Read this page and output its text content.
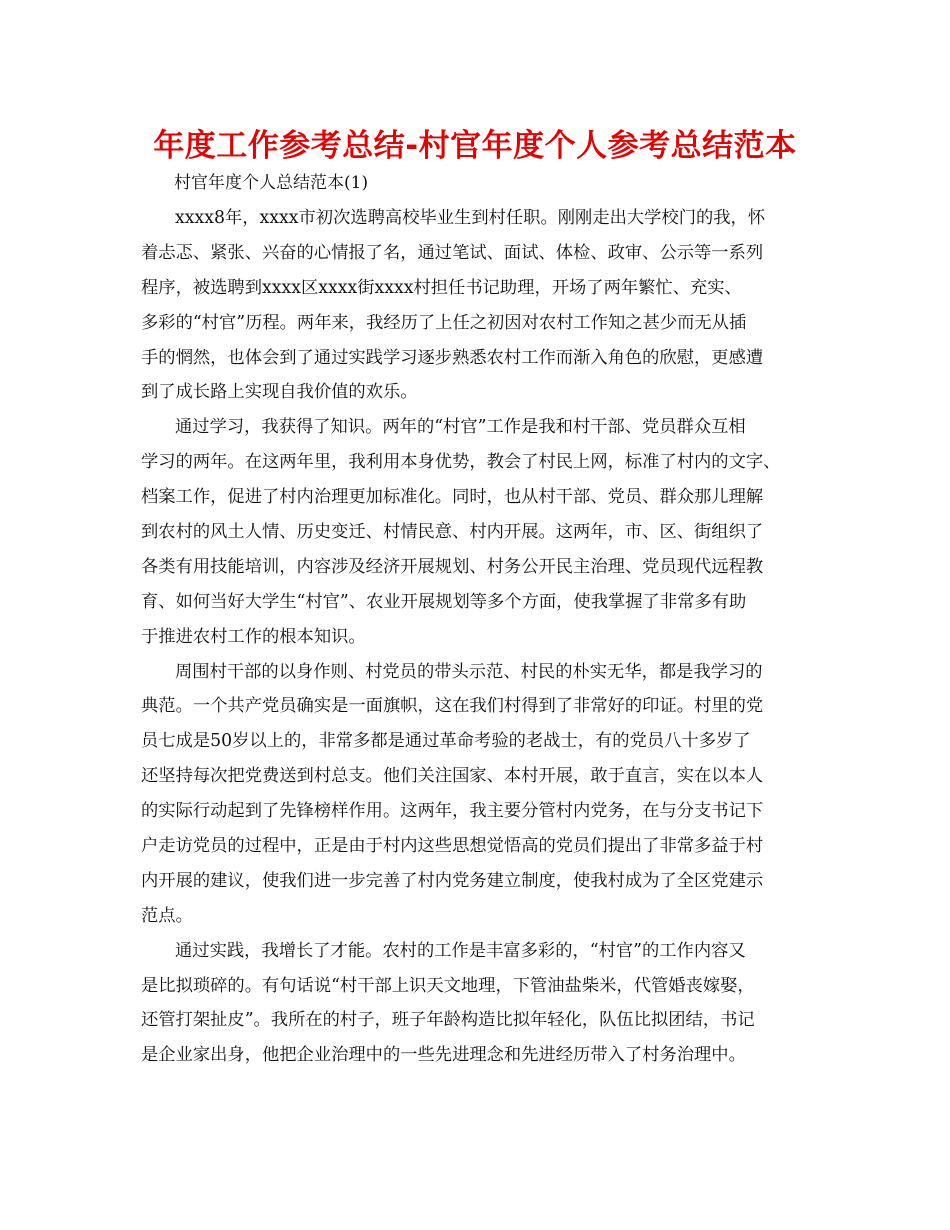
年度工作参考总结-村官年度个人参考总结范本

村官年度个人总结范本(1)

xxxx8年，xxxx市初次选聘高校毕业生到村任职。刚刚走出大学校门的我，怀
着忐忑、紧张、兴奋的心情报了名，通过笔试、面试、体检、政审、公示等一系列
程序，被选聘到xxxx区xxxx街xxxx村担任书记助理，开场了两年繁忙、充实、
多彩的“村官”历程。两年来，我经历了上任之初因对农村工作知之甚少而无从插
手的惘然，也体会到了通过实践学习逐步熟悉农村工作而渐入角色的欣慰，更感遭
到了成长路上实现自我价值的欢乐。
通过学习，我获得了知识。两年的“村官”工作是我和村干部、党员群众互相
学习的两年。在这两年里，我利用本身优势，教会了村民上网，标准了村内的文字、
档案工作，促进了村内治理更加标准化。同时，也从村干部、党员、群众那儿理解
到农村的风土人情、历史变迁、村情民意、村内开展。这两年，市、区、街组织了
各类有用技能培训，内容涉及经济开展规划、村务公开民主治理、党员现代远程教
育、如何当好大学生“村官”、农业开展规划等多个方面，使我掌握了非常多有助
于推进农村工作的根本知识。
周围村干部的以身作则、村党员的带头示范、村民的朴实无华，都是我学习的
典范。一个共产党员确实是一面旗帜，这在我们村得到了非常好的印证。村里的党
员七成是50岁以上的，非常多都是通过革命考验的老战士，有的党员八十多岁了
还坚持每次把党费送到村总支。他们关注国家、本村开展，敢于直言，实在以本人
的实际行动起到了先锋榜样作用。这两年，我主要分管村内党务，在与分支书记下
户走访党员的过程中，正是由于村内这些思想觉悟高的党员们提出了非常多益于村
内开展的建议，使我们进一步完善了村内党务建立制度，使我村成为了全区党建示
范点。
通过实践，我增长了才能。农村的工作是丰富多彩的，“村官”的工作内容又
是比拟琐碎的。有句话说“村干部上识天文地理，下管油盐柴米，代管婚丧嫁娶，
还管打架扯皮”。我所在的村子，班子年龄构造比拟年轻化，队伍比拟团结，书记
是企业家出身，他把企业治理中的一些先进理念和先进经历带入了村务治理中。
